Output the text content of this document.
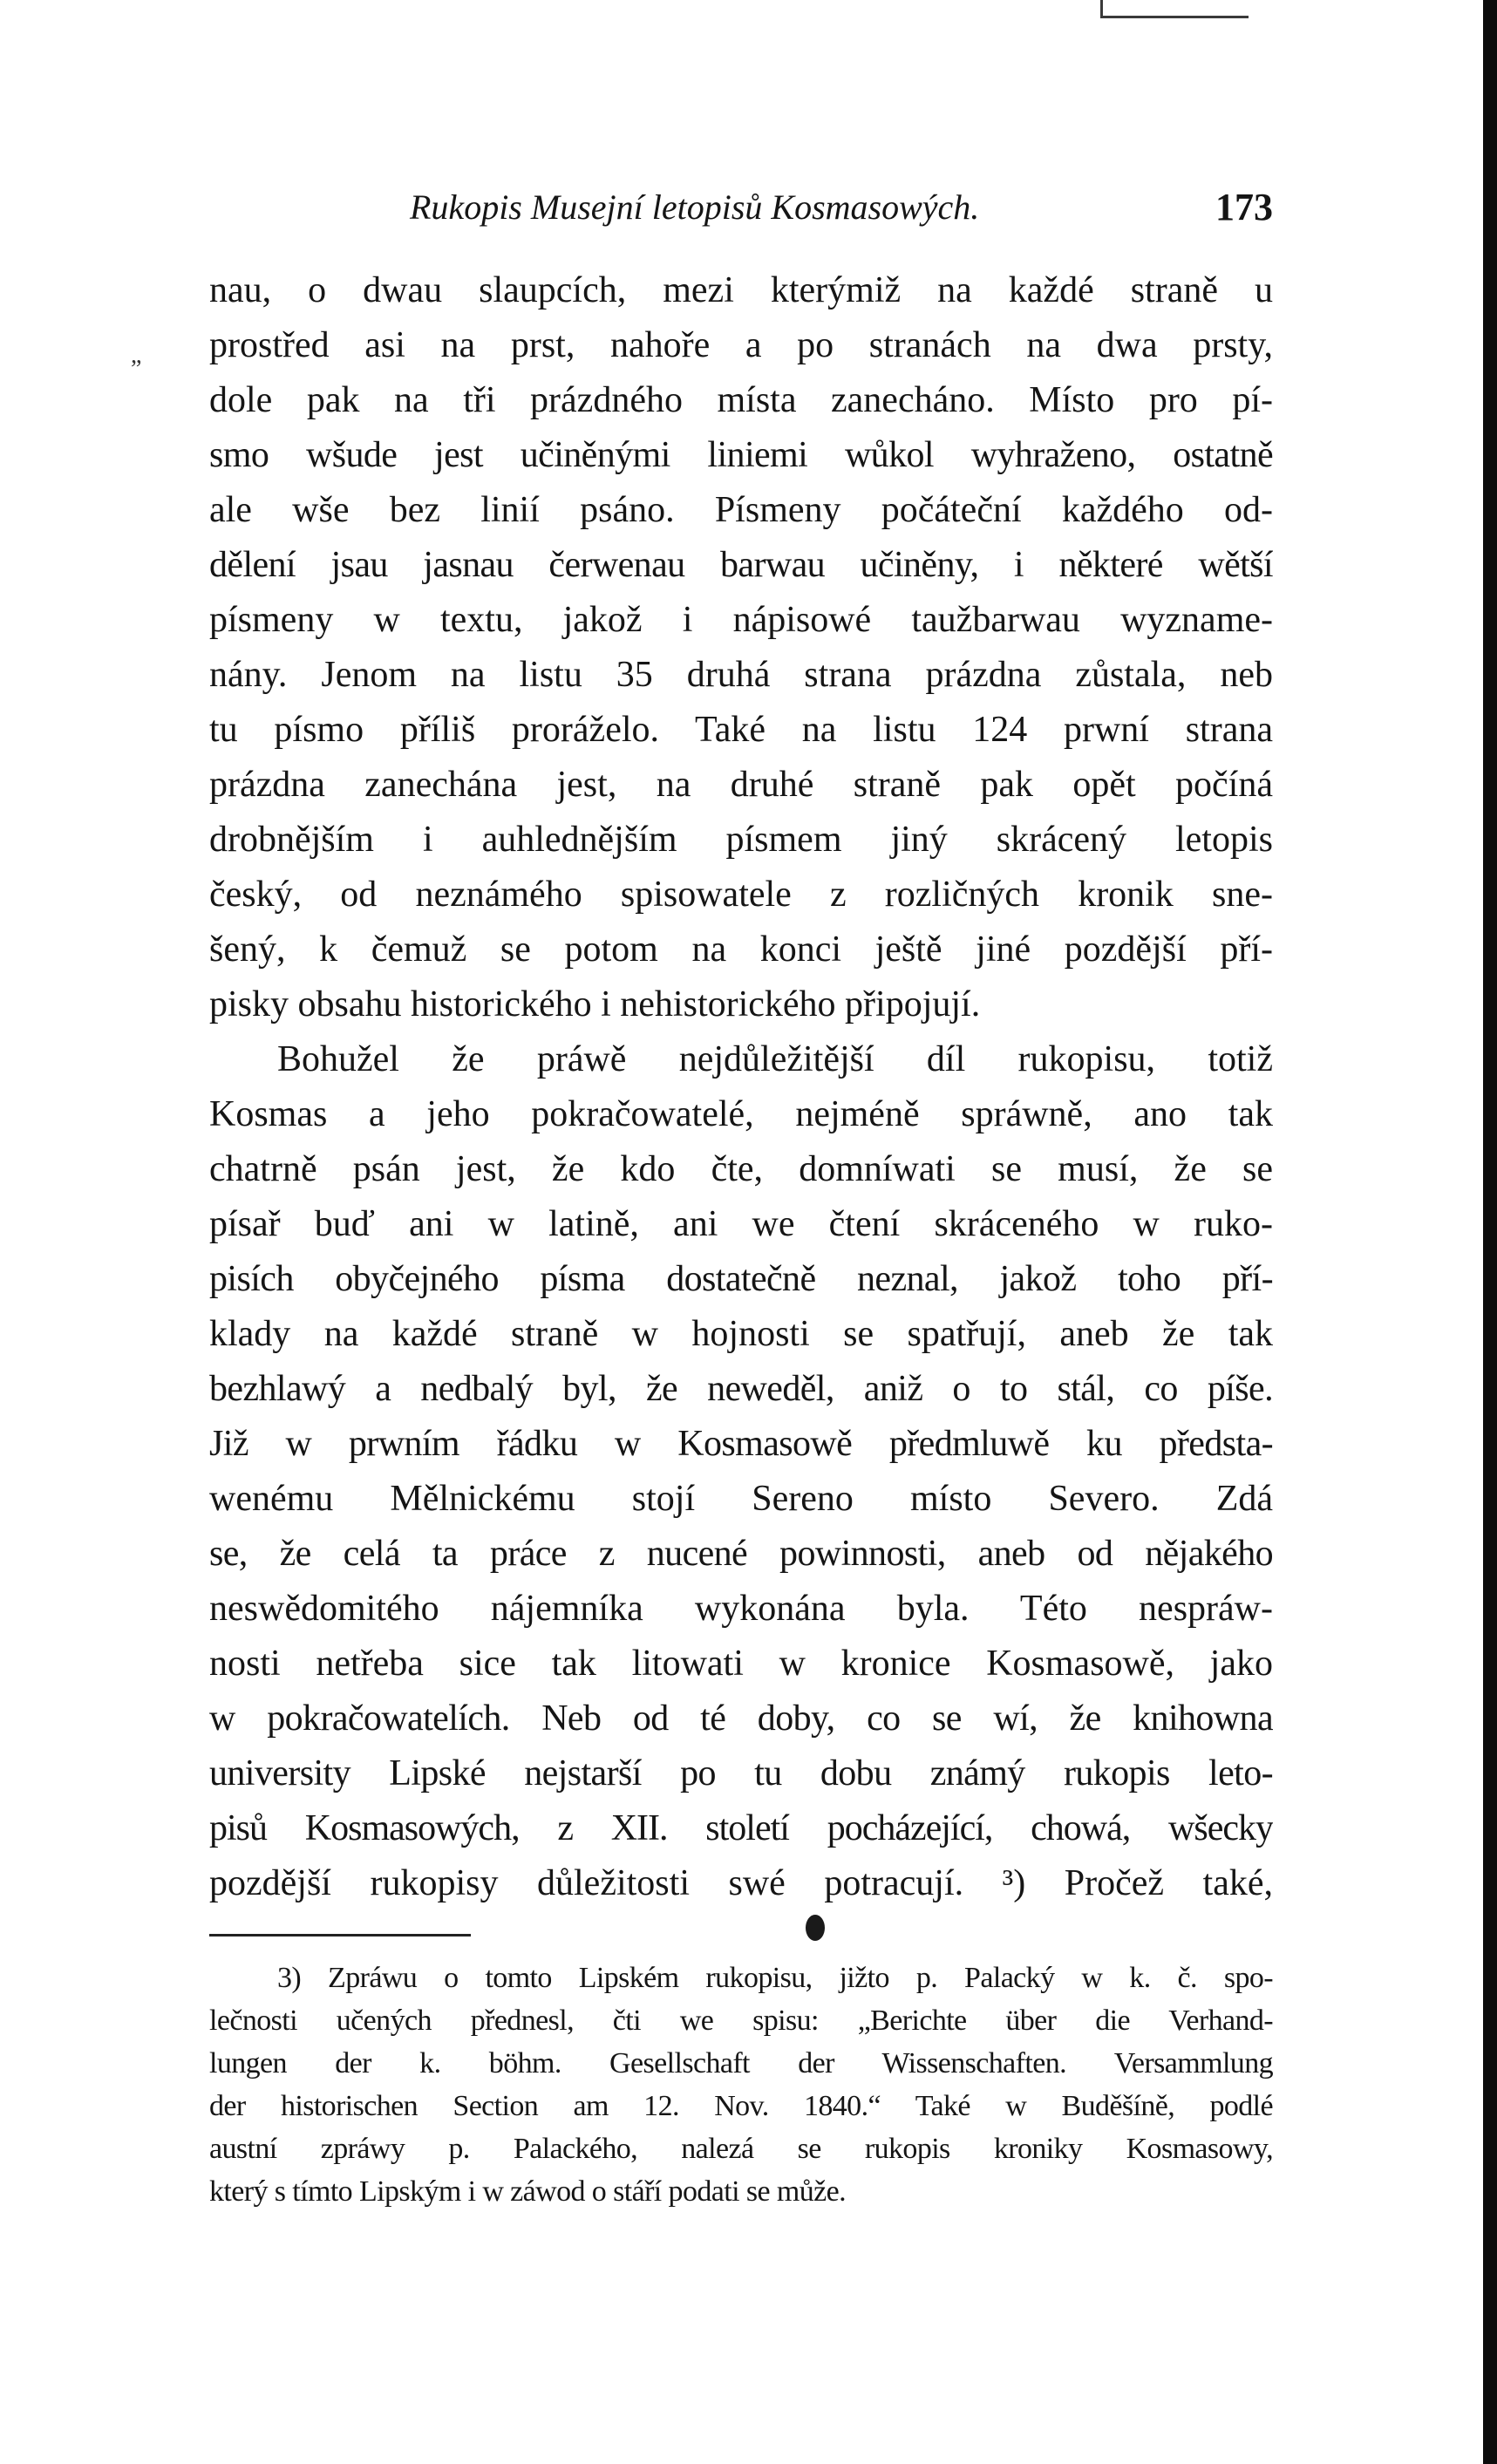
Rukopis Musejní letopisů Kosmasowých.	173
„
nau, o dwau slaupcích, mezi kterýmiž na každé straně u
prostřed asi na prst, nahoře a po stranách na dwa prsty,
dole pak na tři prázdného místa zanecháno. Místo pro pí-
smo wšude jest učiněnými liniemi wůkol wyhraženo, ostatně
ale wše bez linií psáno. Písmeny počáteční každého od-
dělení jsau jasnau čerwenau barwau učiněny, i některé wětší
písmeny w textu, jakož i nápisowé taužbarwau wyzname-
nány. Jenom na listu 35 druhá strana prázdna zůstala, neb
tu písmo příliš proráželo. Také na listu 124 prwní strana
prázdna zanechána jest, na druhé straně pak opět počíná
drobnějším i auhlednějším písmem jiný skrácený letopis
český, od neznámého spisowatele z rozličných kronik sne-
šený, k čemuž se potom na konci ještě jiné pozdější pří-
pisky obsahu historického i nehistorického připojují.
Bohužel že práwě nejdůležitější díl rukopisu, totiž
Kosmas a jeho pokračowatelé, nejméně spráwně, ano tak
chatrně psán jest, že kdo čte, domníwati se musí, že se
písař buď ani w latině, ani we čtení skráceného w ruko-
pisích obyčejného písma dostatečně neznal, jakož toho pří-
klady na každé straně w hojnosti se spatřují, aneb že tak
bezhlawý a nedbalý byl, že neweděl, aniž o to stál, co píše.
Již w prwním řádku w Kosmasowě předmluwě ku předsta-
wenému Mělnickému stojí Sereno místo Severo. Zdá
se, že celá ta práce z nucené powinnosti, aneb od nějakého
neswědomitého nájemníka wykonána byla. Této nespráw-
nosti netřeba sice tak litowati w kronice Kosmasowě, jako
w pokračowatelích. Neb od té doby, co se wí, že knihowna
university Lipské nejstarší po tu dobu známý rukopis leto-
pisů Kosmasowých, z XII. století pocházející, chowá, wšecky
pozdější rukopisy důležitosti swé potracují. ³) Pročež také,
3) Zpráwu o tomto Lipském rukopisu, jižto p. Palacký w k. č. spo-
lečnosti učených přednesl, čti we spisu: „Berichte über die Verhand-
lungen der k. böhm. Gesellschaft der Wissenschaften. Versammlung
der historischen Section am 12. Nov. 1840.“ Také w Buděšíně, podlé
austní zpráwy p. Palackého, nalezá se rukopis kroniky Kosmasowy,
který s tímto Lipským i w záwod o stáří podati se může.
